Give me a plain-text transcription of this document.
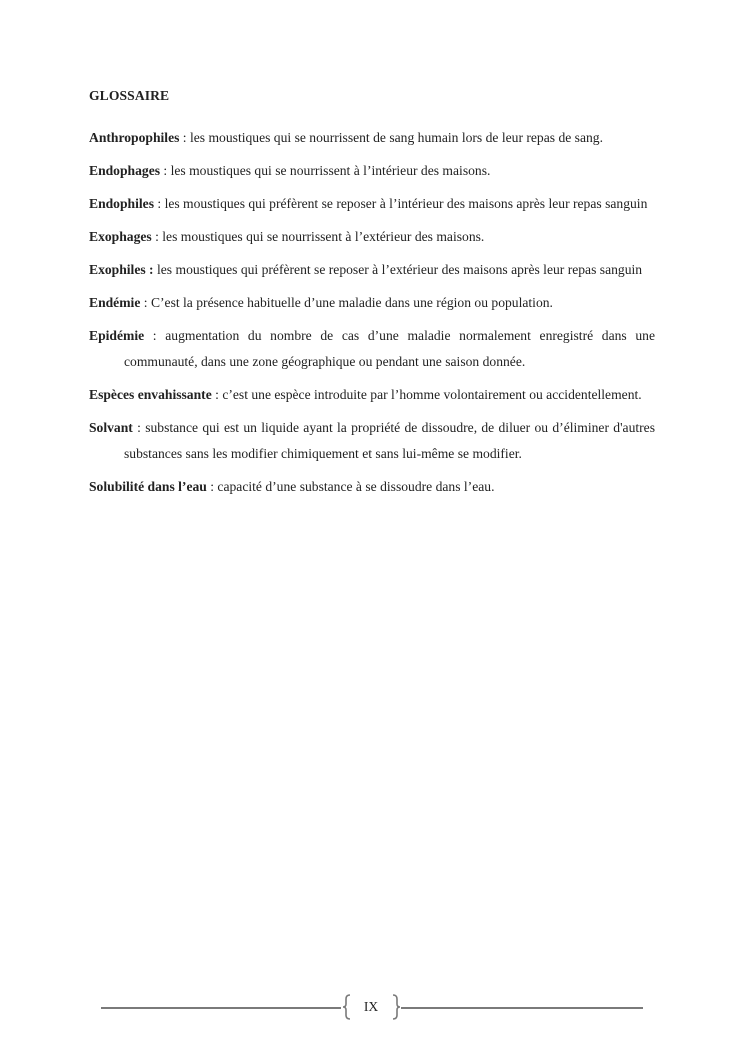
GLOSSAIRE

Anthropophiles : les moustiques qui se nourrissent de sang humain lors de leur repas de sang.

Endophages : les moustiques qui se nourrissent à l’intérieur des maisons.

Endophiles : les moustiques qui préfèrent se reposer à l’intérieur des maisons après leur repas sanguin

Exophages : les moustiques qui se nourrissent à l’extérieur des maisons.

Exophiles : les moustiques qui préfèrent se reposer à l’extérieur des maisons après leur repas sanguin

Endémie : C’est la présence habituelle d’une maladie dans une région ou population.

Epidémie : augmentation du nombre de cas d’une maladie normalement enregistré dans une communauté, dans une zone géographique ou pendant une saison donnée.

Espèces envahissante : c’est une espèce introduite par l’homme volontairement ou accidentellement.

Solvant : substance qui est un liquide ayant la propriété de dissoudre, de diluer ou d’éliminer d'autres substances sans les modifier chimiquement et sans lui-même se modifier.

Solubilité dans l’eau : capacité d’une substance à se dissoudre dans l’eau.

IX
